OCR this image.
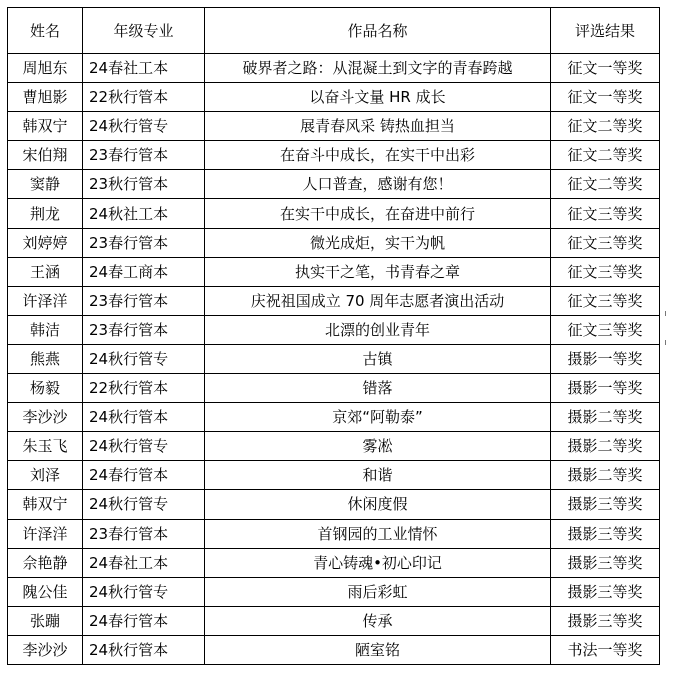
姓名	年级专业	作品名称	评选结果
周旭东	24春社工本	破界者之路：从混凝土到文字的青春跨越	征文一等奖
曹旭影	22秋行管本	以奋斗文量 HR 成长	征文一等奖
韩双宁	24秋行管专	展青春风采 铸热血担当	征文二等奖
宋伯翔	23春行管本	在奋斗中成长，在实干中出彩	征文二等奖
窦静	23秋行管本	人口普查，感谢有您！	征文二等奖
荆龙	24秋社工本	在实干中成长，在奋进中前行	征文三等奖
刘婷婷	23春行管本	微光成炬，实干为帆	征文三等奖
王涵	24春工商本	执实干之笔，书青春之章	征文三等奖
许泽洋	23春行管本	庆祝祖国成立 70 周年志愿者演出活动	征文三等奖
韩洁	23春行管本	北漂的创业青年	征文三等奖
熊燕	24秋行管专	古镇	摄影一等奖
杨毅	22秋行管本	错落	摄影一等奖
李沙沙	24秋行管本	京郊“阿勒泰”	摄影二等奖
朱玉飞	24秋行管专	雾凇	摄影二等奖
刘泽	24春行管本	和谐	摄影二等奖
韩双宁	24秋行管专	休闲度假	摄影三等奖
许泽洋	23春行管本	首钢园的工业情怀	摄影三等奖
佘艳静	24春社工本	青心铸魂•初心印记	摄影三等奖
隗公佳	24秋行管专	雨后彩虹	摄影三等奖
张蹦	24春行管本	传承	摄影三等奖
李沙沙	24秋行管本	陋室铭	书法一等奖
